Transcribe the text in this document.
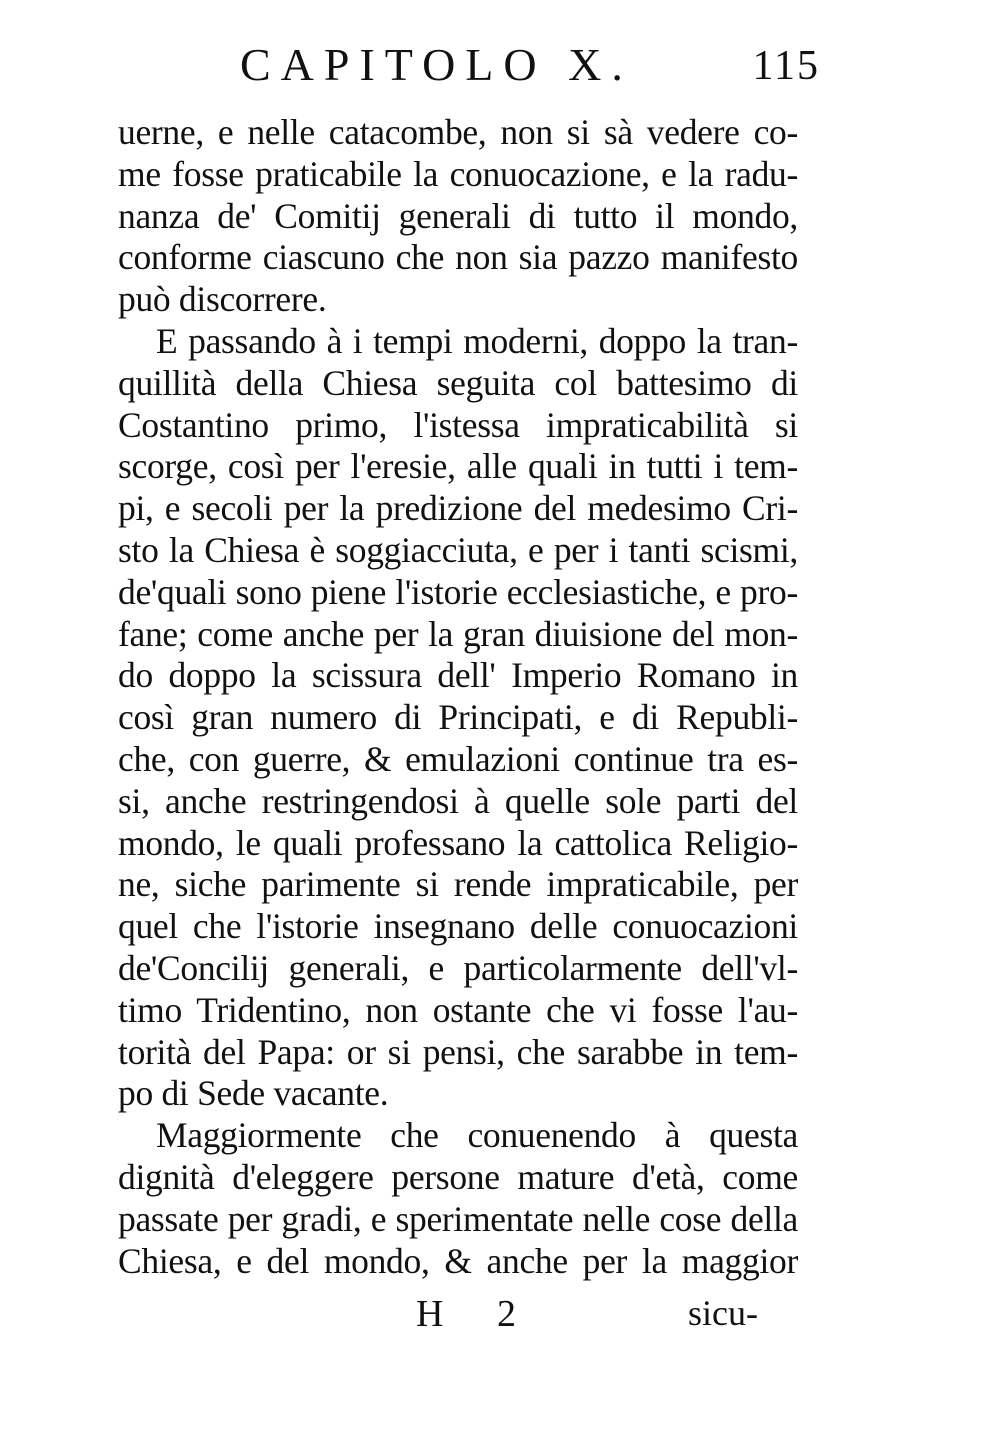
CAPITOLO X.	115
uerne, e nelle catacombe, non si sà vedere co-
me fosse praticabile la conuocazione, e la radu-
nanza de' Comitij generali di tutto il mondo,
conforme ciascuno che non sia pazzo manifesto
può discorrere.
E passando à i tempi moderni, doppo la tran-
quillità della Chiesa seguita col battesimo di
Costantino primo, l'istessa impraticabilità si
scorge, così per l'eresie, alle quali in tutti i tem-
pi, e secoli per la predizione del medesimo Cri-
sto la Chiesa è soggiacciuta, e per i tanti scismi,
de'quali sono piene l'istorie ecclesiastiche, e pro-
fane; come anche per la gran diuisione del mon-
do doppo la scissura dell' Imperio Romano in
così gran numero di Principati, e di Republi-
che, con guerre, & emulazioni continue tra es-
si, anche restringendosi à quelle sole parti del
mondo, le quali professano la cattolica Religio-
ne, siche parimente si rende impraticabile, per
quel che l'istorie insegnano delle conuocazioni
de'Concilij generali, e particolarmente dell'vl-
timo Tridentino, non ostante che vi fosse l'au-
torità del Papa: or si pensi, che sarabbe in tem-
po di Sede vacante.
Maggiormente che conuenendo à questa
dignità d'eleggere persone mature d'età, come
passate per gradi, e sperimentate nelle cose della
Chiesa, e del mondo, & anche per la maggior
H 2	sicu-
